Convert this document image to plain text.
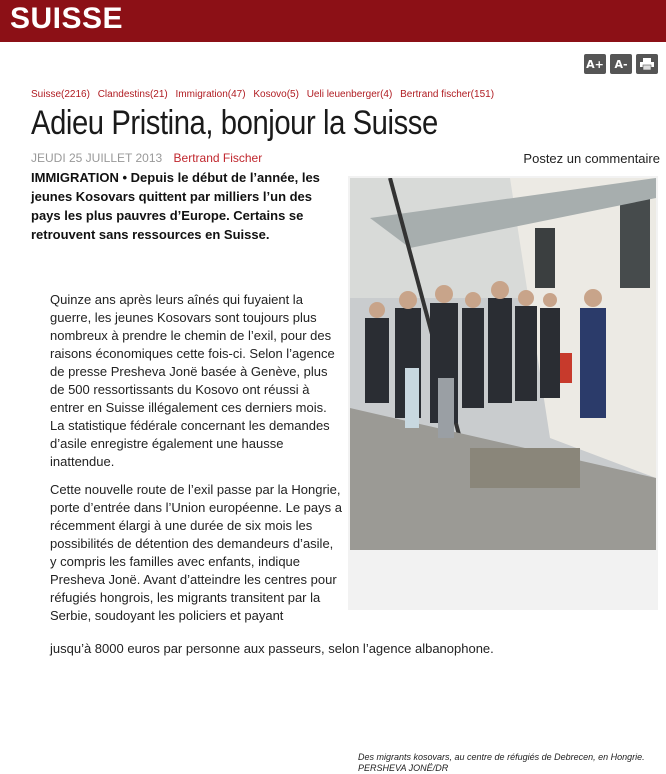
SUISSE
A+ A-
Suisse(2216) Clandestins(21) Immigration(47) Kosovo(5) Ueli leuenberger(4) Bertrand fischer(151)
Adieu Pristina, bonjour la Suisse
JEUDI 25 JUILLET 2013 Bertrand Fischer	Postez un commentaire
IMMIGRATION • Depuis le début de l’année, les jeunes Kosovars quittent par milliers l’un des pays les plus pauvres d’Europe. Certains se retrouvent sans ressources en Suisse.

Quinze ans après leurs aînés qui fuyaient la guerre, les jeunes Kosovars sont toujours plus nombreux à prendre le chemin de l’exil, pour des raisons économiques cette fois-ci. Selon l’agence de presse Presheva Jonë basée à Genève, plus de 500 ressortissants du Kosovo ont réussi à entrer en Suisse illégalement ces derniers mois. La statistique fédérale concernant les demandes d’asile enregistre également une hausse inattendue.

Cette nouvelle route de l’exil passe par la Hongrie, porte d’entrée dans l’Union européenne. Le pays a récemment élargi à une durée de six mois les possibilités de détention des demandeurs d’asile, y compris les familles avec enfants, indique Presheva Jonë. Avant d’atteindre les centres pour réfugiés hongrois, les migrants transitent par la Serbie, soudoyant les policiers et payant

jusqu’à 8000 euros par personne aux passeurs, selon l’agence albanophone.
Des migrants kosovars, au centre de réfugiés de Debrecen, en Hongrie.
PERSHEVA JONË/DR
